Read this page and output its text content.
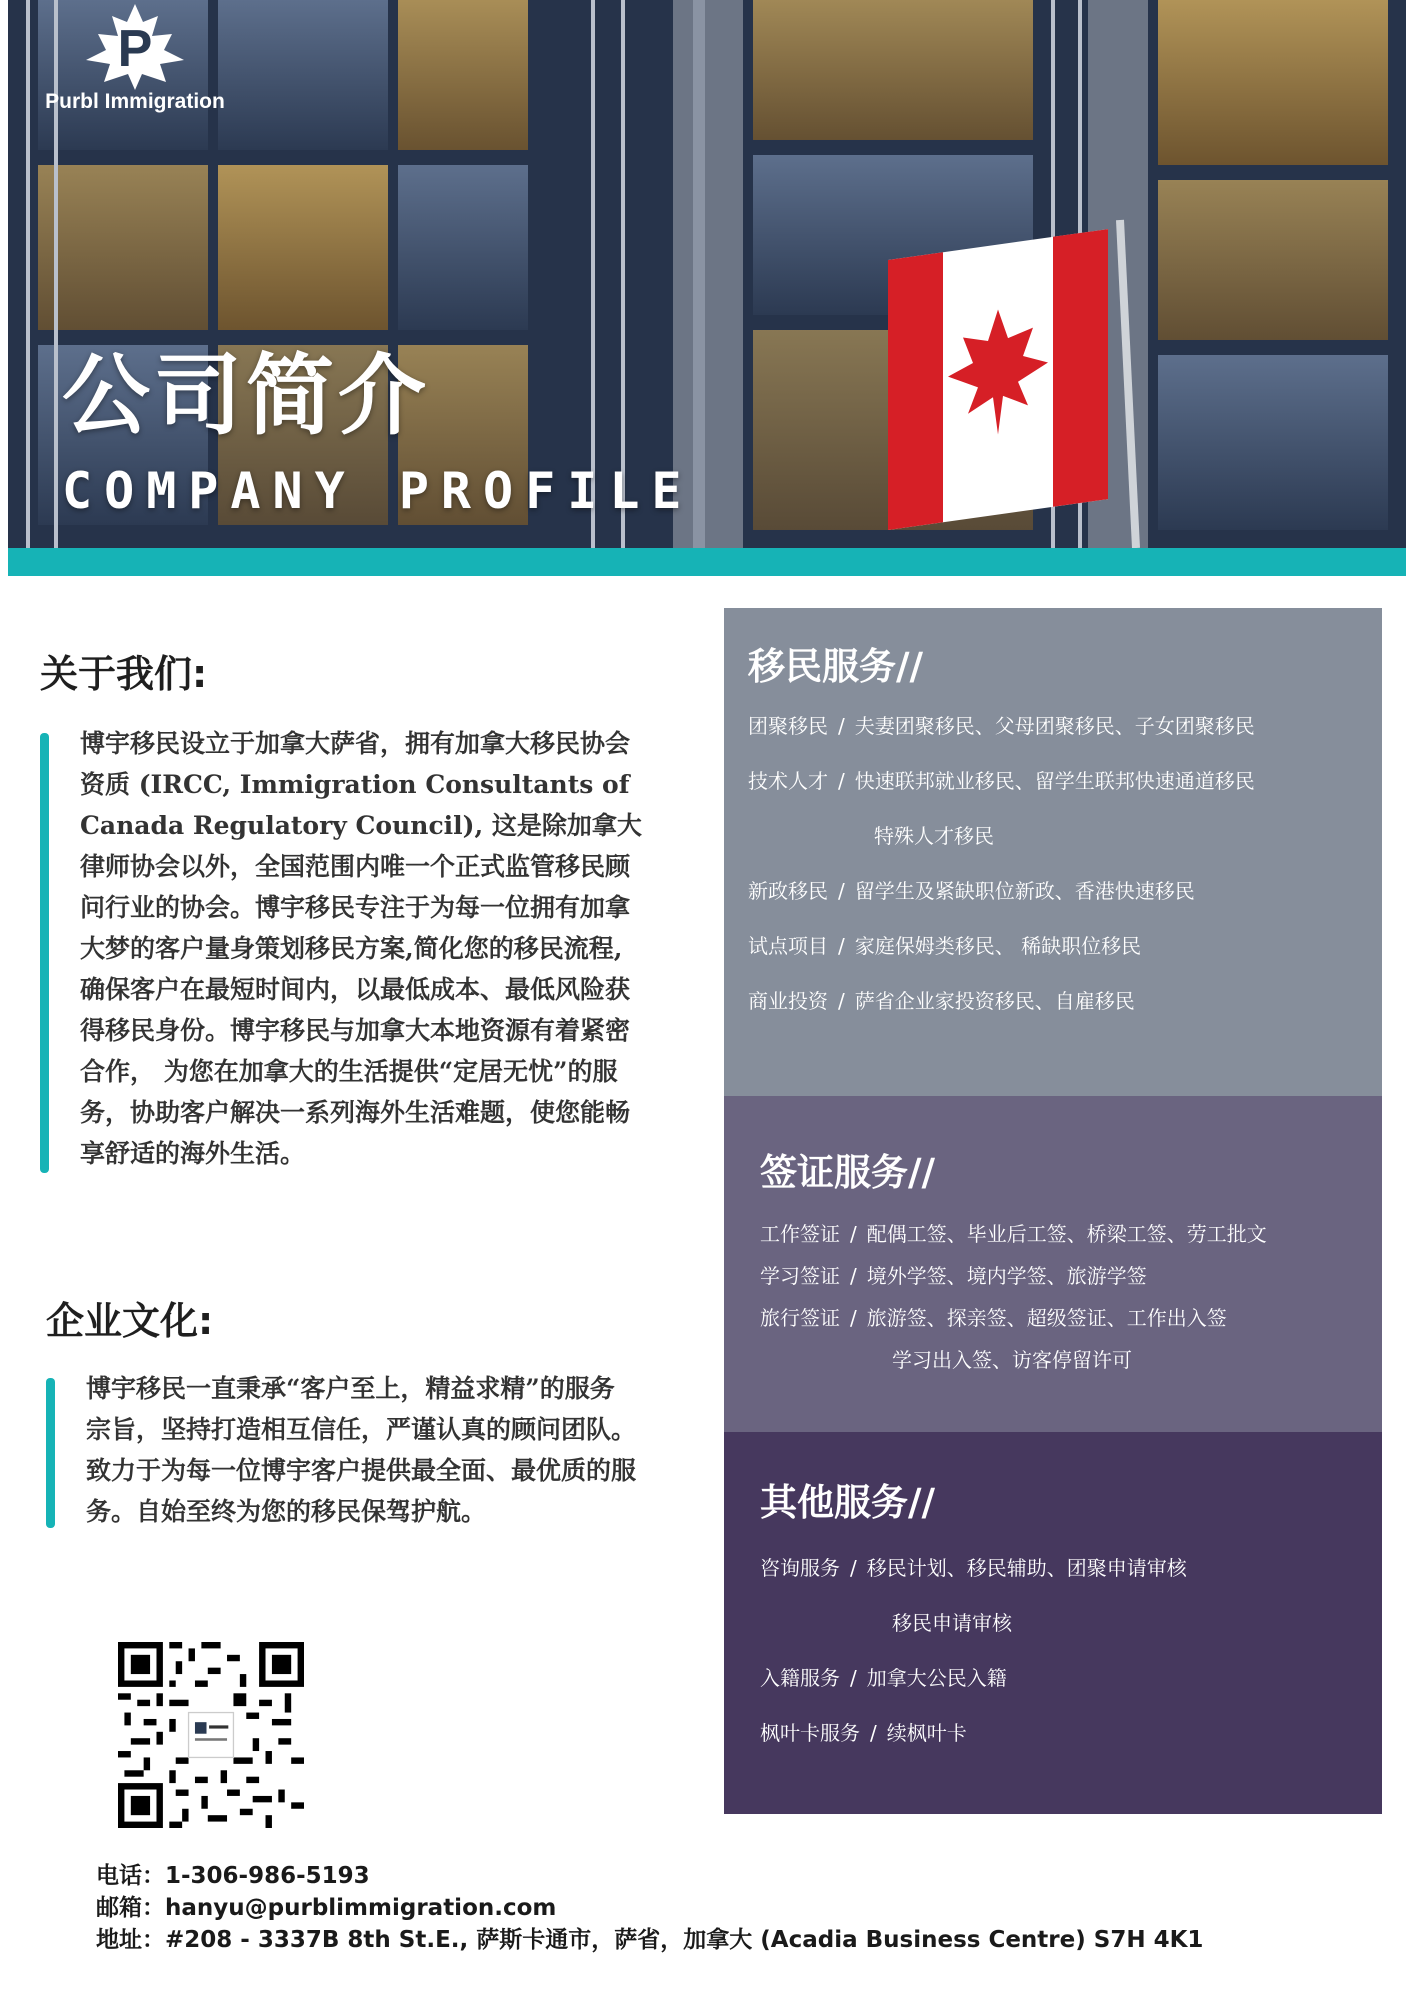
P
Purbl Immigration
公司简介
COMPANY PROFILE
关于我们:
博宇移民设立于加拿大萨省，拥有加拿大移民协会
资质 (IRCC, Immigration Consultants of
Canada Regulatory Council), 这是除加拿大
律师协会以外，全国范围内唯一个正式监管移民顾
问行业的协会。博宇移民专注于为每一位拥有加拿
大梦的客户量身策划移民方案,简化您的移民流程,
确保客户在最短时间内，以最低成本、最低风险获
得移民身份。博宇移民与加拿大本地资源有着紧密
合作， 为您在加拿大的生活提供“定居无忧”的服
务，协助客户解决一系列海外生活难题，使您能畅
享舒适的海外生活。
企业文化:
博宇移民一直秉承“客户至上，精益求精”的服务
宗旨，坚持打造相互信任，严谨认真的顾问团队。
致力于为每一位博宇客户提供最全面、最优质的服
务。自始至终为您的移民保驾护航。
电话：1-306-986-5193
邮箱：hanyu@purblimmigration.com
地址：#208 - 3337B 8th St.E., 萨斯卡通市，萨省，加拿大 (Acadia Business Centre) S7H 4K1
移民服务//
团聚移民 / 夫妻团聚移民、父母团聚移民、子女团聚移民
技术人才 / 快速联邦就业移民、留学生联邦快速通道移民
特殊人才移民
新政移民 / 留学生及紧缺职位新政、香港快速移民
试点项目 / 家庭保姆类移民、 稀缺职位移民
商业投资 / 萨省企业家投资移民、自雇移民
签证服务//
工作签证 / 配偶工签、毕业后工签、桥梁工签、劳工批文
学习签证 / 境外学签、境内学签、旅游学签
旅行签证 / 旅游签、探亲签、超级签证、工作出入签
学习出入签、访客停留许可
其他服务//
咨询服务 / 移民计划、移民辅助、团聚申请审核
移民申请审核
入籍服务 / 加拿大公民入籍
枫叶卡服务 / 续枫叶卡
